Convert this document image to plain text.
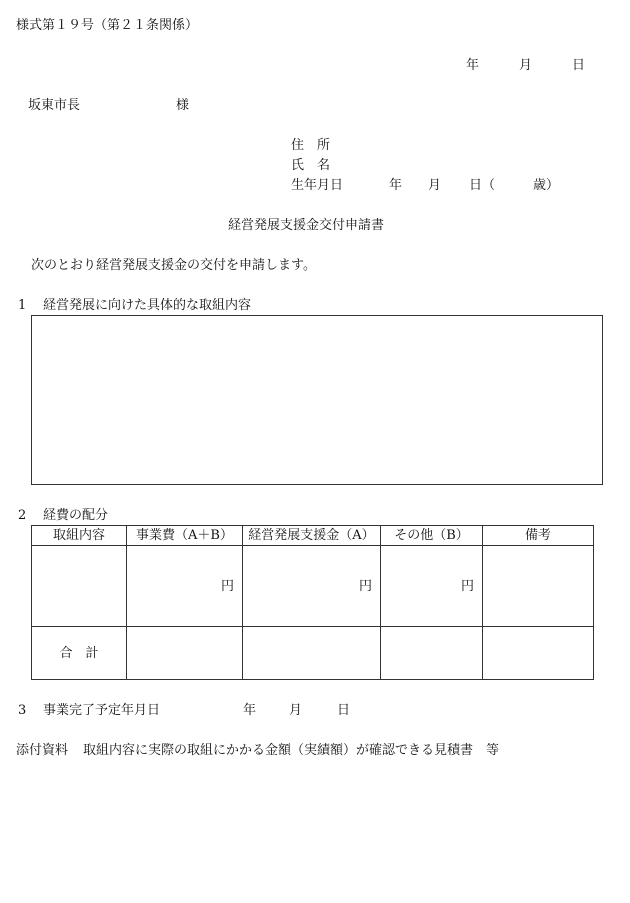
様式第１９号（第２１条関係）
年	月	日
坂東市長	様
住　所
氏　名
生年月日	年 月 日（	歳）
経営発展支援金交付申請書
次のとおり経営発展支援金の交付を申請します。
1 経営発展に向けた具体的な取組内容
2 経費の配分
取組内容	事業費（A＋B）	経営発展支援金（A）	その他（B）	備考
	円	円	円	
合　計				
3 事業完了予定年月日	年	月	日
添付資料 取組内容に実際の取組にかかる金額（実績額）が確認できる見積書　等
